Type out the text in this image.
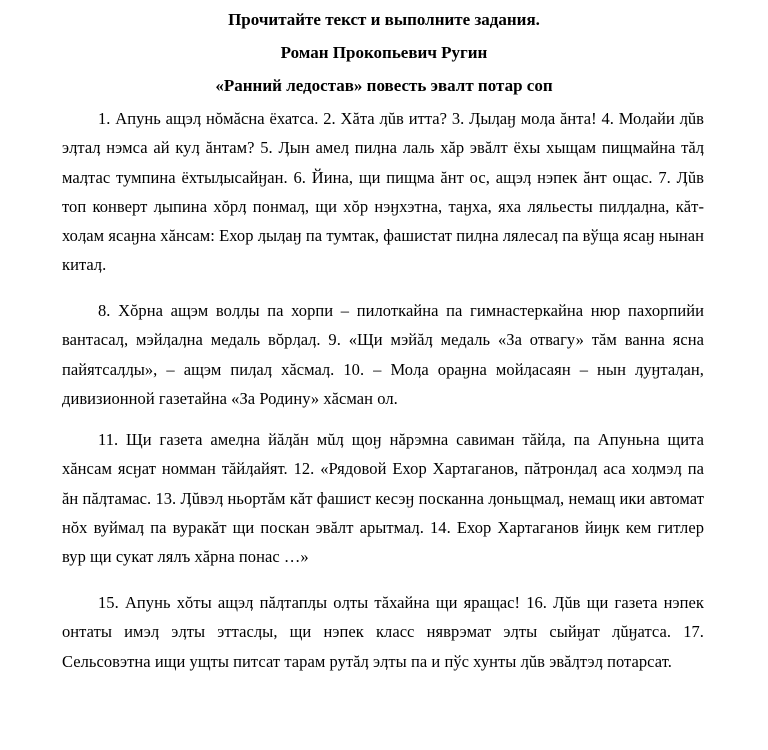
Прочитайте текст и выполните задания.
Роман Прокопьевич Ругин
«Ранний ледостав» повесть эвалт потар соп

1. Апунь ащэӆ нŏмăсна ёхатса. 2. Хăта ӆŭв итта? 3. Ӆыӆаӈ моӆа ăнта! 4. Моӆайи ӆŭв эӆтаӆ нэмса ай куӆ ăнтам? 5. Ӆын амеӆ пиӆна лаль хăр эвăлт ёхы хыщам пищмайна тăӆ маӆтас тумпина ёхтыӆысайӈан. 6. Йина, щи пищма ăнт ос, ащэӆ нэпек ăнт ощас. 7. Ӆŭв топ конверт ӆыпина хŏрӆ понмаӆ, щи хŏр нэӈхэтна, таӈха, яха ляльесты пиӆӆаӆна, кăт-хоӆам ясаӈна хăнсам: Ехор ӆыӆаӈ па тумтак, фашистат пиӆна лялесаӆ па вўща ясаӈ нынан китаӆ.

8. Хŏрна ащэм воӆӆы па хорпи – пилоткайна па гимнастеркайна нюр пахорпийи вантасаӆ, мэйӆаӆна медаль вŏрӆаӆ. 9. «Щи мэйăӆ медаль «За отвагу» тăм ванна ясна пайятсаӆӆы», – ащэм пиӆаӆ хăсмаӆ. 10. – Моӆа ораӈна мойӆасаян – нын ӆуӈтаӆан, дивизионной газетайна «За Родину» хăсман ол.

11. Щи газета амеӆна йăӆăн мŭӆ щоӈ нăрэмна савиман тăйӆа, па Апуньна щита хăнсам ясӈат номман тăйӆайят. 12. «Рядовой Ехор Хартаганов, пăтронӆаӆ аса хоӆмэӆ па ăн пăӆтамас. 13. Ӆŭвэӆ ньортăм кăт фашист кесэӈ посканна ӆоньщмаӆ, немащ ики автомат нŏх вуймаӆ па вуракăт щи поскан эвăлт арытмаӆ. 14. Ехор Хартаганов йиӈк кем гитлер вур щи сукат лялъ хăрна понас …»

15. Апунь хŏты ащэӆ пăӆтапӆы оӆты тăхайна щи яращас! 16. Ӆŭв щи газета нэпек онтаты имэӆ эӆты эттасӆы, щи нэпек класс няврэмат эӆты сыйӈат ӆŭӈатса. 17. Сельсовэтна ищи ущты питсат тарам рутăӆ эӆты па и пўс хунты ӆŭв эвăӆтэӆ потарсат.
